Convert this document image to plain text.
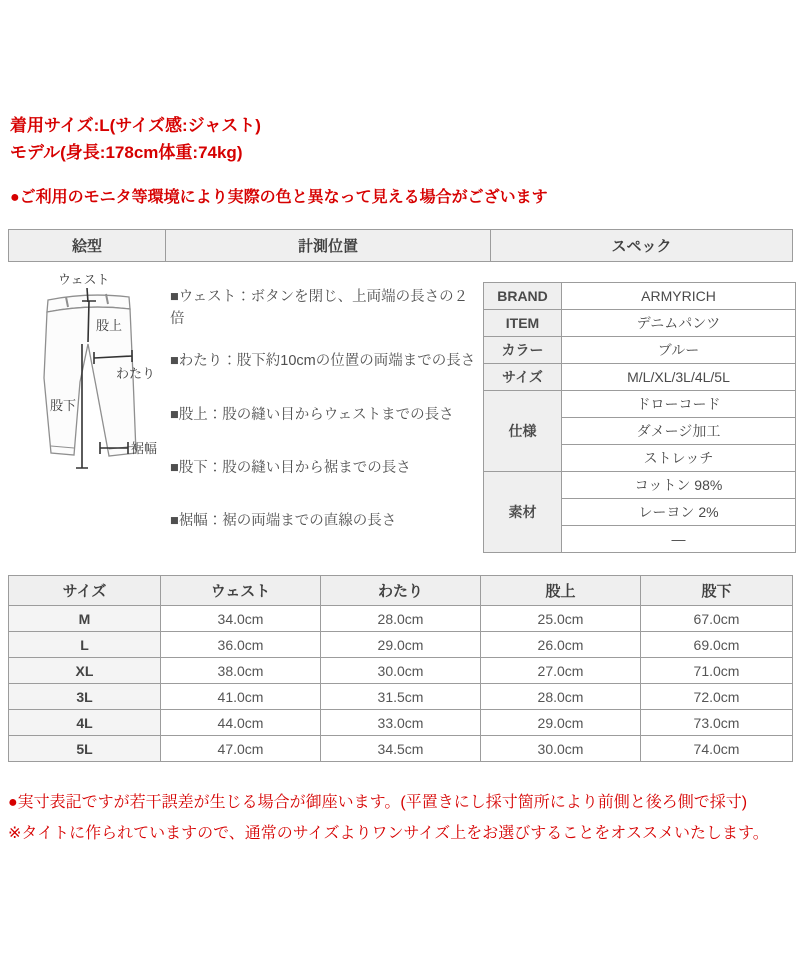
着用サイズ:L(サイズ感:ジャスト)
モデル(身長:178cm体重:74kg)
●ご利用のモニタ等環境により実際の色と異なって見える場合がございます
絵型	計測位置	スペック
ウェスト
股上
わたり
股下
裾幅
■ウェスト：ボタンを閉じ、上両端の長さの２倍
■わたり：股下約10cmの位置の両端までの長さ
■股上：股の縫い目からウェストまでの長さ
■股下：股の縫い目から裾までの長さ
■裾幅：裾の両端までの直線の長さ
BRAND	ARMYRICH
ITEM	デニムパンツ
カラー	ブルー
サイズ	M/L/XL/3L/4L/5L
仕様	ドローコード
	ダメージ加工
	ストレッチ
素材	コットン 98%
	レーヨン 2%
	—
サイズ	ウェスト	わたり	股上	股下
M	34.0cm	28.0cm	25.0cm	67.0cm
L	36.0cm	29.0cm	26.0cm	69.0cm
XL	38.0cm	30.0cm	27.0cm	71.0cm
3L	41.0cm	31.5cm	28.0cm	72.0cm
4L	44.0cm	33.0cm	29.0cm	73.0cm
5L	47.0cm	34.5cm	30.0cm	74.0cm
●実寸表記ですが若干誤差が生じる場合が御座います。(平置きにし採寸箇所により前側と後ろ側で採寸)
※タイトに作られていますので、通常のサイズよりワンサイズ上をお選びすることをオススメいたします。
